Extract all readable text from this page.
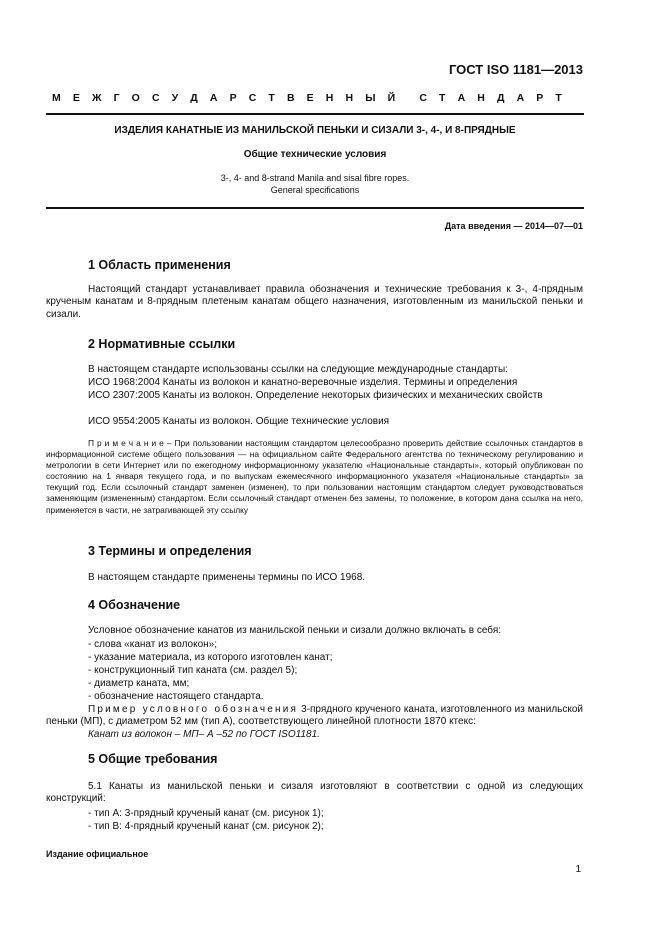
ГОСТ ISO 1181—2013
М Е Ж Г О С У Д А Р С Т В Е Н Н Ы Й С Т А Н Д А Р Т
ИЗДЕЛИЯ КАНАТНЫЕ ИЗ МАНИЛЬСКОЙ ПЕНЬКИ И СИЗАЛИ 3-, 4-, И 8-ПРЯДНЫЕ
Общие технические условия
3-, 4- and 8-strand Manila and sisal fibre ropes.
General specifications
Дата введения — 2014—07—01
1 Область применения
Настоящий стандарт устанавливает правила обозначения и технические требования к 3-, 4-прядным крученым канатам и 8-прядным плетеным канатам общего назначения, изготовленным из манильской пеньки и сизали.
2 Нормативные ссылки
В настоящем стандарте использованы ссылки на следующие международные стандарты:
ИСО 1968:2004 Канаты из волокон и канатно-веревочные изделия. Термины и определения
ИСО 2307:2005 Канаты из волокон. Определение некоторых физических и механических свойств
ИСО 9554:2005 Канаты из волокон. Общие технические условия
П р и м е ч а н и е – При пользовании настоящим стандартом целесообразно проверить действие ссылочных стандартов в информационной системе общего пользования — на официальном сайте Федерального агентства по техническому регулированию и метрологии в сети Интернет или по ежегодному информационному указателю «Национальные стандарты», который опубликован по состоянию на 1 января текущего года, и по выпускам ежемесячного информационного указателя «Национальные стандарты» за текущий год. Если ссылочный стандарт заменен (изменен), то при пользовании настоящим стандартом следует руководствоваться заменяющим (измененным) стандартом. Если ссылочный стандарт отменен без замены, то положение, в котором дана ссылка на него, применяется в части, не затрагивающей эту ссылку
3 Термины и определения
В настоящем стандарте применены термины по ИСО 1968.
4 Обозначение
Условное обозначение канатов из манильской пеньки и сизали должно включать в себя:
- слова «канат из волокон»;
- указание материала, из которого изготовлен канат;
- конструкционный тип каната (см. раздел 5);
- диаметр каната, мм;
- обозначение настоящего стандарта.
Пример условного обозначения 3-прядного крученого каната, изготовленного из манильской пеньки (МП), с диаметром 52 мм (тип А), соответствующего линейной плотности 1870 ктекс:
Канат из волокон – МП– А –52 по ГОСТ ISO1181.
5 Общие требования
5.1 Канаты из манильской пеньки и сизаля изготовляют в соответствии с одной из следующих конструкций:
- тип А: 3-прядный крученый канат (см. рисунок 1);
- тип В: 4-прядный крученый канат (см. рисунок 2);
Издание официальное
1
